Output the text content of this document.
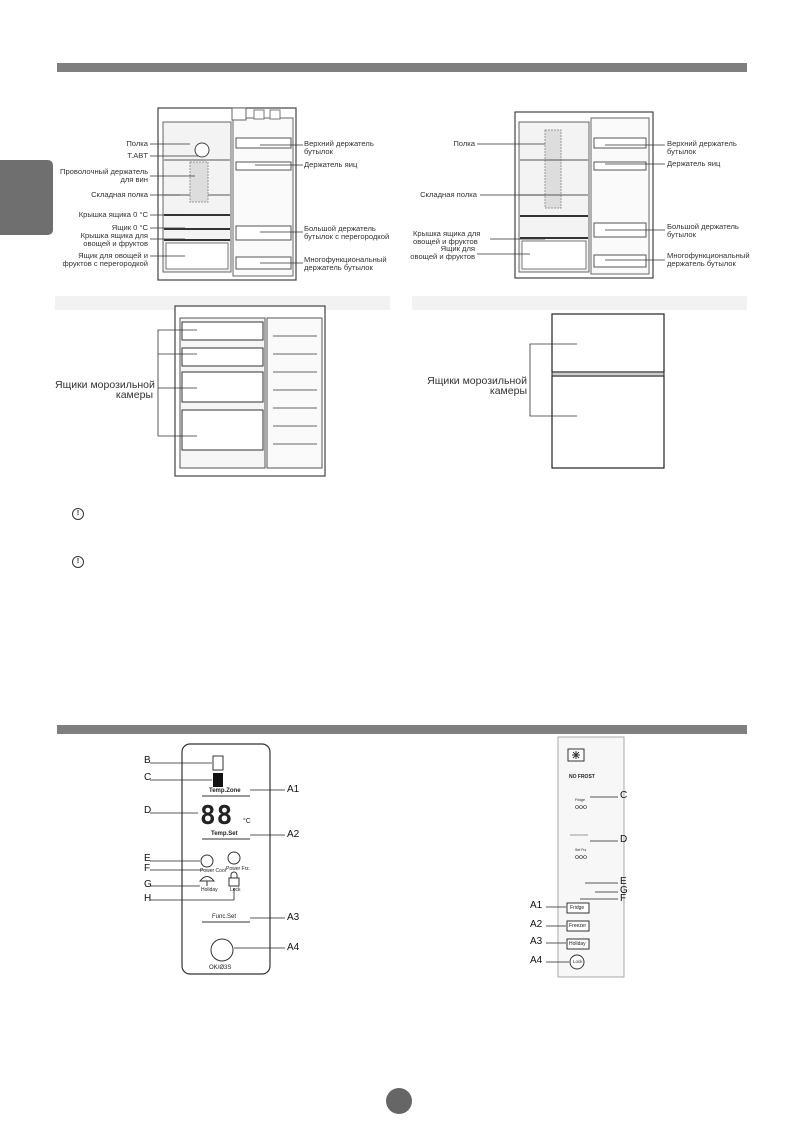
Полка
T.ABT
Проволочный держатель
для вин
Складная полка
Крышка ящика 0 °C
Ящик 0 °C
Крышка ящика для
овощей и фруктов
Ящик для овощей и
фруктов с перегородкой
Верхний держатель
бутылок
Держатель яиц
Большой держатель
бутылок с перегородкой
Многофункциональный
держатель бутылок
Полка
Складная полка
Крышка ящика для
овощей и фруктов
Ящик для
овощей и фруктов
Верхний держатель
бутылок
Держатель яиц
Большой держатель
бутылок
Многофункциональный
держатель бутылок
Ящики морозильной
камеры
Ящики морозильной
камеры
!
!
B
C
D
E
F
G
H
A1
A2
A3
A4
Temp.Zone
88 °C
Temp.Set
Power Cool Power Frz.
Holiday Lock
Func.Set
OK/Ø3S
NO FROST
Fridge
Set Frz
C
D
E
G
F
A1
A2
A3
A4
Fridge
Freezer
Holiday
Lock
